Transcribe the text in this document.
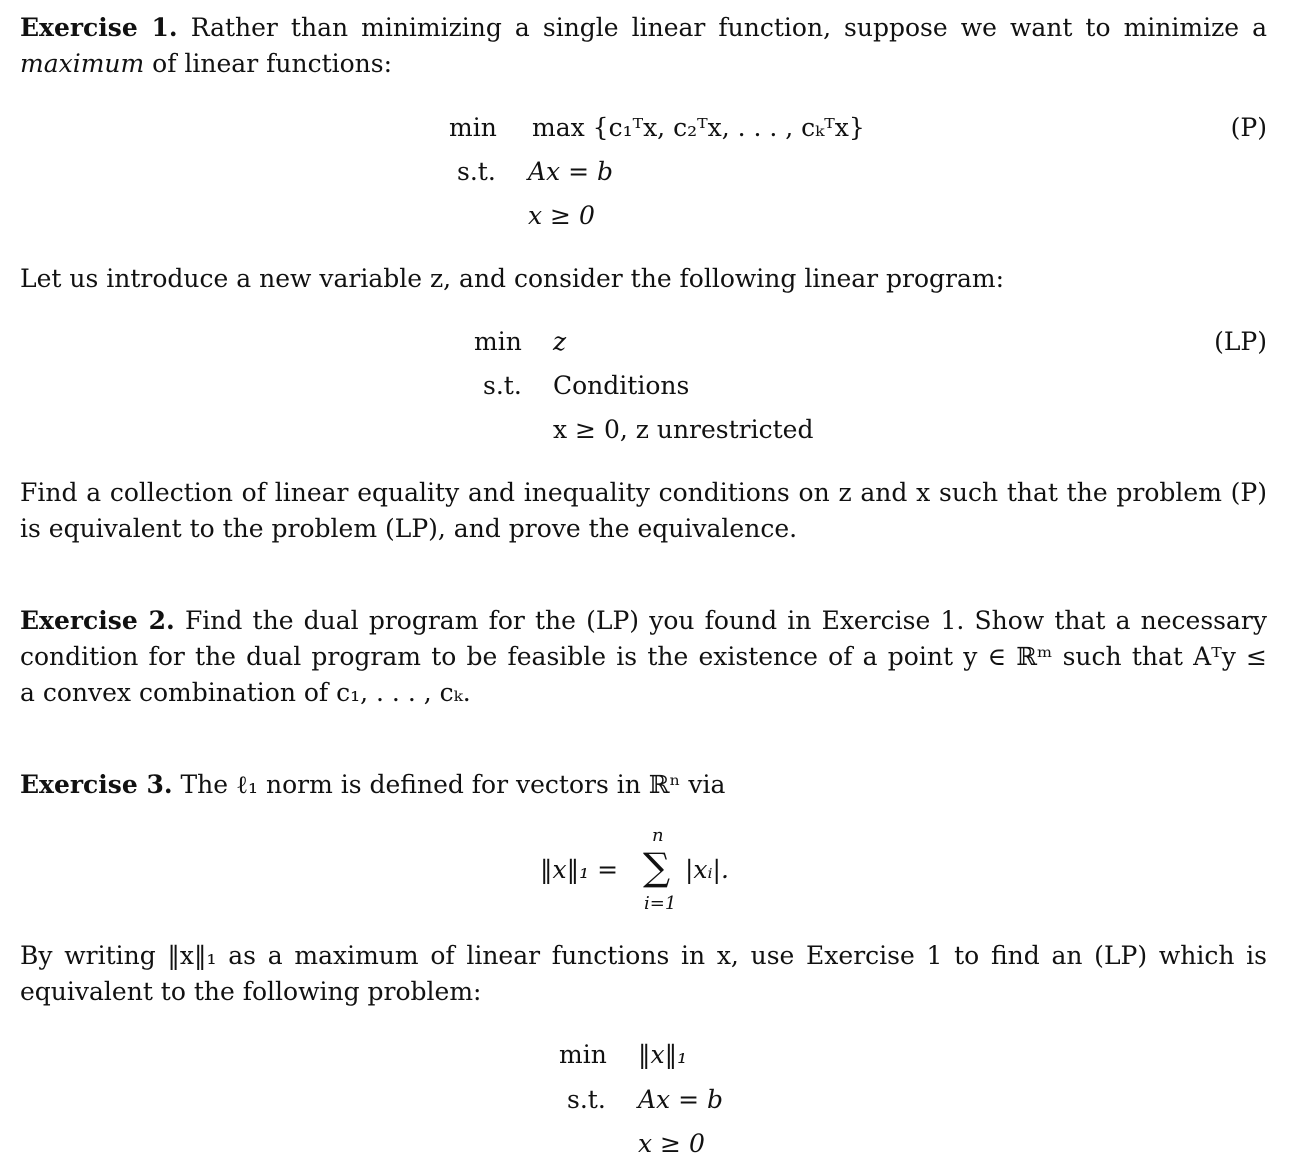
Exercise 1. Rather than minimizing a single linear function, suppose we want to minimize a
maximum of linear functions:
min max {c₁ᵀx, c₂ᵀx, . . . , cₖᵀx}	(P)
s.t. Ax = b
x ≥ 0
Let us introduce a new variable z, and consider the following linear program:
min z	(LP)
s.t. Conditions
x ≥ 0, z unrestricted
Find a collection of linear equality and inequality conditions on z and x such that the problem (P)
is equivalent to the problem (LP), and prove the equivalence.
Exercise 2. Find the dual program for the (LP) you found in Exercise 1. Show that a necessary
condition for the dual program to be feasible is the existence of a point y ∈ ℝᵐ such that Aᵀy ≤
a convex combination of c₁, . . . , cₖ.
Exercise 3. The ℓ₁ norm is defined for vectors in ℝⁿ via
‖x‖₁ =
n
∑
i=1
|xᵢ|.
By writing ‖x‖₁ as a maximum of linear functions in x, use Exercise 1 to find an (LP) which is
equivalent to the following problem:
min ‖x‖₁
s.t. Ax = b
x ≥ 0
